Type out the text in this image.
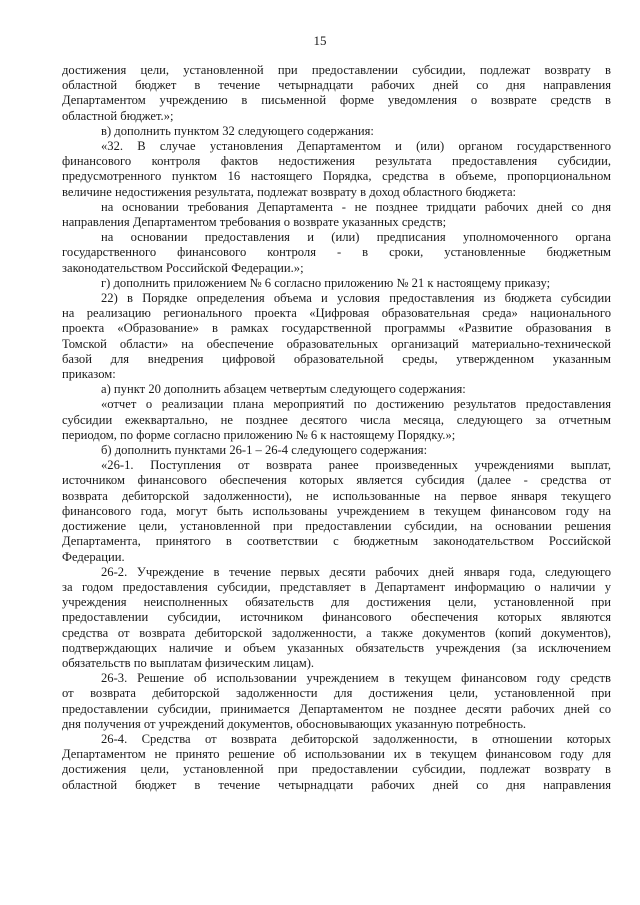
15
достижения цели, установленной при предоставлении субсидии, подлежат возврату в
областной бюджет в течение четырнадцати рабочих дней со дня направления
Департаментом учреждению в письменной форме уведомления о возврате средств в
областной бюджет.»;
в) дополнить пунктом 32 следующего содержания:
«32. В случае установления Департаментом и (или) органом государственного
финансового контроля фактов недостижения результата предоставления субсидии,
предусмотренного пунктом 16 настоящего Порядка, средства в объеме, пропорциональном
величине недостижения результата, подлежат возврату в доход областного бюджета:
на основании требования Департамента - не позднее тридцати рабочих дней со дня
направления Департаментом требования о возврате указанных средств;
на основании предоставления и (или) предписания уполномоченного органа
государственного финансового контроля - в сроки, установленные бюджетным
законодательством Российской Федерации.»;
г) дополнить приложением № 6 согласно приложению № 21 к настоящему приказу;
22) в Порядке определения объема и условия предоставления из бюджета субсидии
на реализацию регионального проекта «Цифровая образовательная среда» национального
проекта «Образование» в рамках государственной программы «Развитие образования в
Томской области» на обеспечение образовательных организаций материально-технической
базой для внедрения цифровой образовательной среды, утвержденном указанным
приказом:
а) пункт 20 дополнить абзацем четвертым следующего содержания:
«отчет о реализации плана мероприятий по достижению результатов предоставления
субсидии ежеквартально, не позднее десятого числа месяца, следующего за отчетным
периодом, по форме согласно приложению № 6 к настоящему Порядку.»;
б) дополнить пунктами 26-1 – 26-4 следующего содержания:
«26-1. Поступления от возврата ранее произведенных учреждениями выплат,
источником финансового обеспечения которых является субсидия (далее - средства от
возврата дебиторской задолженности), не использованные на первое января текущего
финансового года, могут быть использованы учреждением в текущем финансовом году на
достижение цели, установленной при предоставлении субсидии, на основании решения
Департамента, принятого в соответствии с бюджетным законодательством Российской
Федерации.
26-2. Учреждение в течение первых десяти рабочих дней января года, следующего
за годом предоставления субсидии, представляет в Департамент информацию о наличии у
учреждения неисполненных обязательств для достижения цели, установленной при
предоставлении субсидии, источником финансового обеспечения которых являются
средства от возврата дебиторской задолженности, а также документов (копий документов),
подтверждающих наличие и объем указанных обязательств учреждения (за исключением
обязательств по выплатам физическим лицам).
26-3. Решение об использовании учреждением в текущем финансовом году средств
от возврата дебиторской задолженности для достижения цели, установленной при
предоставлении субсидии, принимается Департаментом не позднее десяти рабочих дней со
дня получения от учреждений документов, обосновывающих указанную потребность.
26-4. Средства от возврата дебиторской задолженности, в отношении которых
Департаментом не принято решение об использовании их в текущем финансовом году для
достижения цели, установленной при предоставлении субсидии, подлежат возврату в
областной бюджет в течение четырнадцати рабочих дней со дня направления
